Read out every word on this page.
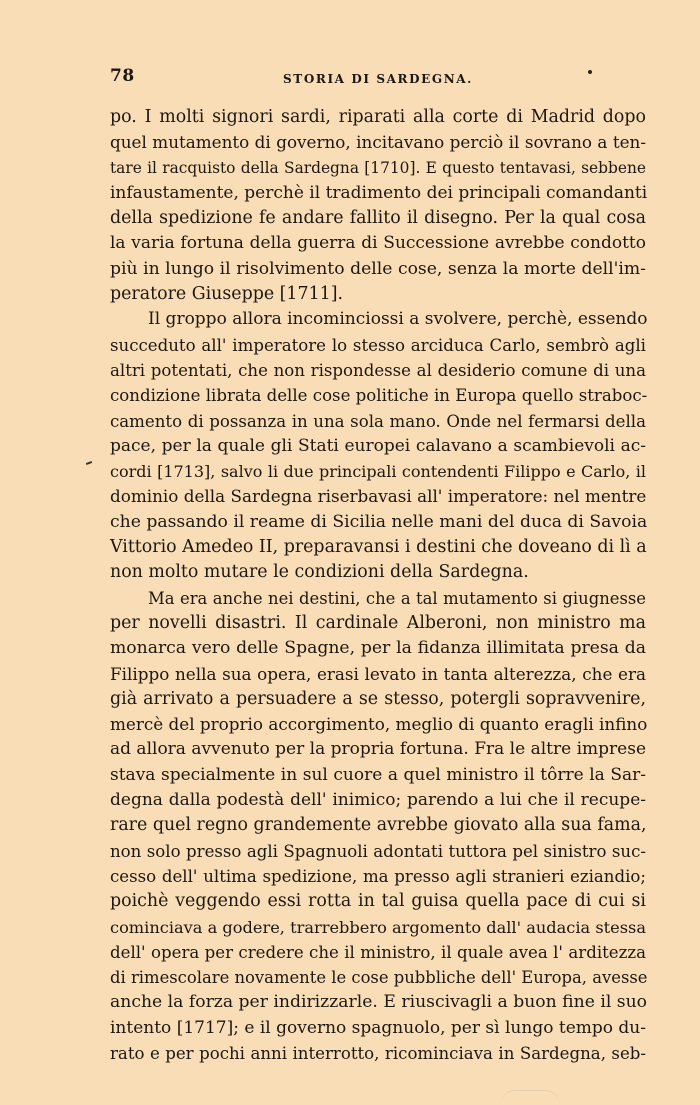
78	STORIA DI SARDEGNA.
po. I molti signori sardi, riparati alla corte di Madrid dopo
quel mutamento di governo, incitavano perciò il sovrano a ten-
tare il racquisto della Sardegna [1710]. E questo tentavasi, sebbene
infaustamente, perchè il tradimento dei principali comandanti
della spedizione fe andare fallito il disegno. Per la qual cosa
la varia fortuna della guerra di Successione avrebbe condotto
più in lungo il risolvimento delle cose, senza la morte dell'im-
peratore Giuseppe [1711].
Il groppo allora incominciossi a svolvere, perchè, essendo
succeduto all' imperatore lo stesso arciduca Carlo, sembrò agli
altri potentati, che non rispondesse al desiderio comune di una
condizione librata delle cose politiche in Europa quello straboc-
camento di possanza in una sola mano. Onde nel fermarsi della
pace, per la quale gli Stati europei calavano a scambievoli ac-
cordi [1713], salvo li due principali contendenti Filippo e Carlo, il
dominio della Sardegna riserbavasi all' imperatore: nel mentre
che passando il reame di Sicilia nelle mani del duca di Savoia
Vittorio Amedeo II, preparavansi i destini che doveano di lì a
non molto mutare le condizioni della Sardegna.
Ma era anche nei destini, che a tal mutamento si giugnesse
per novelli disastri. Il cardinale Alberoni, non ministro ma
monarca vero delle Spagne, per la fidanza illimitata presa da
Filippo nella sua opera, erasi levato in tanta alterezza, che era
già arrivato a persuadere a se stesso, potergli sopravvenire,
mercè del proprio accorgimento, meglio di quanto eragli infino
ad allora avvenuto per la propria fortuna. Fra le altre imprese
stava specialmente in sul cuore a quel ministro il tôrre la Sar-
degna dalla podestà dell' inimico; parendo a lui che il recupe-
rare quel regno grandemente avrebbe giovato alla sua fama,
non solo presso agli Spagnuoli adontati tuttora pel sinistro suc-
cesso dell' ultima spedizione, ma presso agli stranieri eziandio;
poichè veggendo essi rotta in tal guisa quella pace di cui si
cominciava a godere, trarrebbero argomento dall' audacia stessa
dell' opera per credere che il ministro, il quale avea l' arditezza
di rimescolare novamente le cose pubbliche dell' Europa, avesse
anche la forza per indirizzarle. E riuscivagli a buon fine il suo
intento [1717]; e il governo spagnuolo, per sì lungo tempo du-
rato e per pochi anni interrotto, ricominciava in Sardegna, seb-
